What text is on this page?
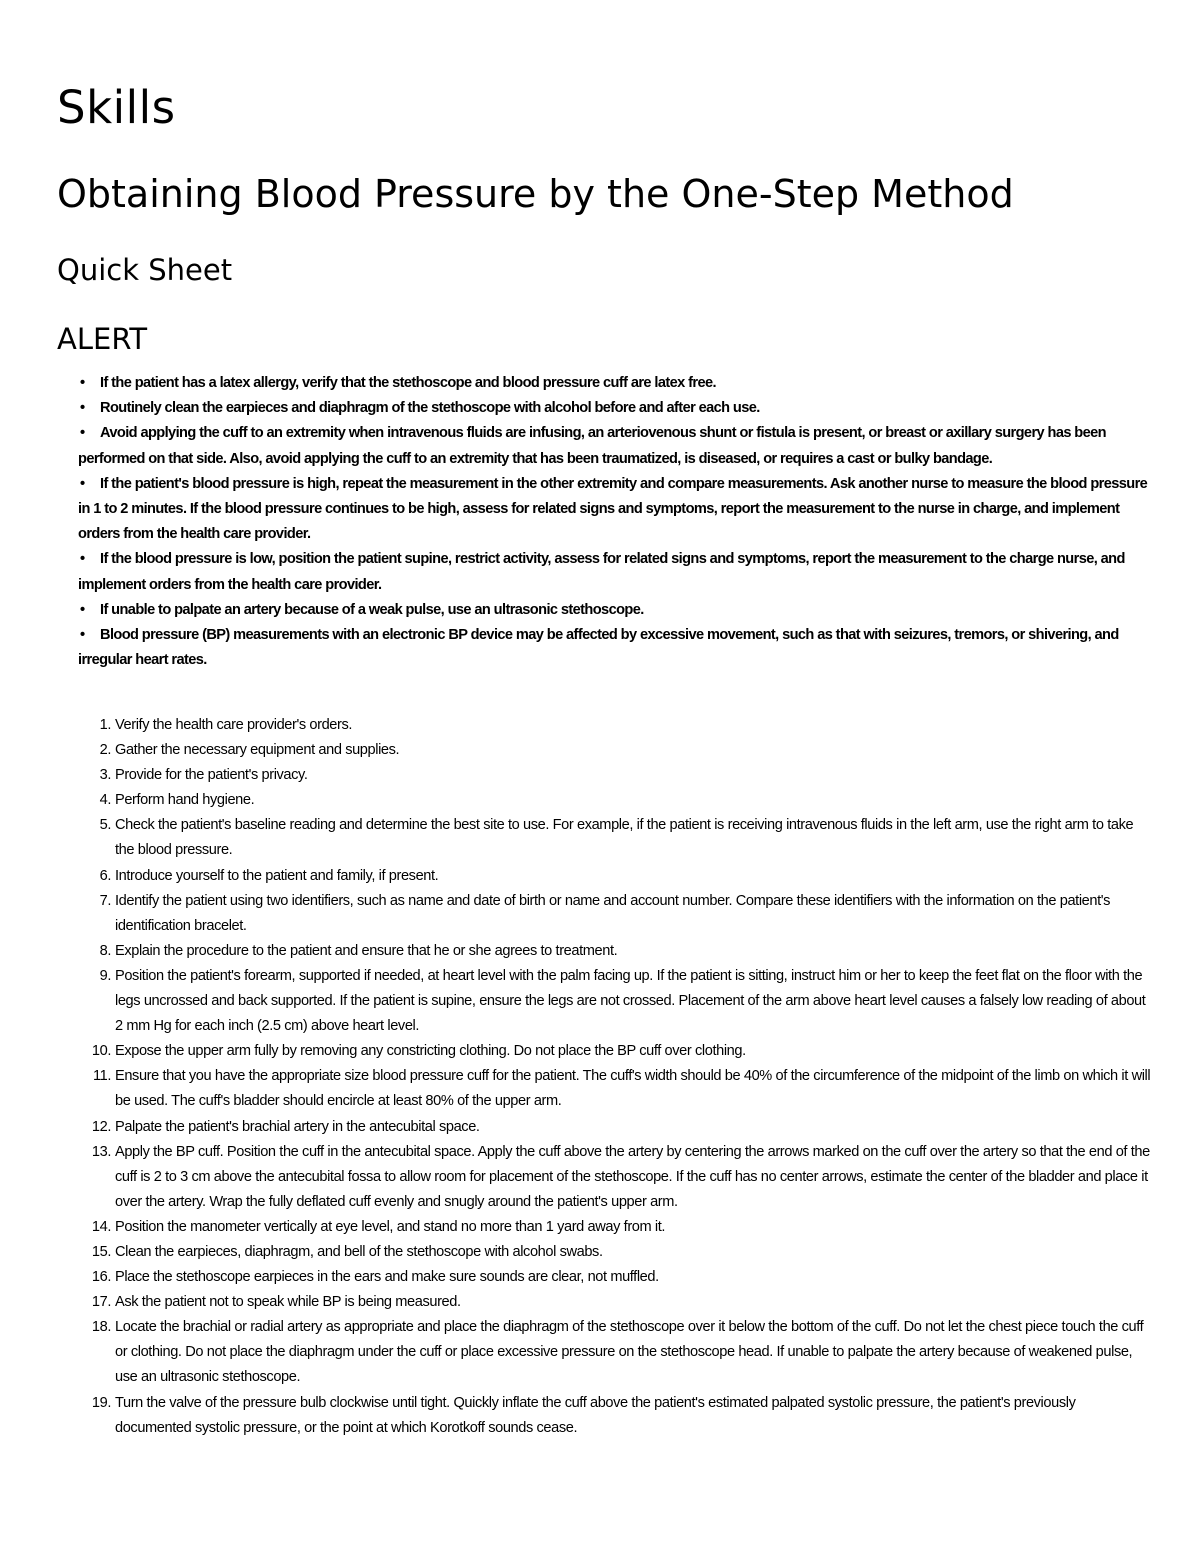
Skills
Obtaining Blood Pressure by the One-Step Method
Quick Sheet
ALERT
• If the patient has a latex allergy, verify that the stethoscope and blood pressure cuff are latex free.
• Routinely clean the earpieces and diaphragm of the stethoscope with alcohol before and after each use.
• Avoid applying the cuff to an extremity when intravenous fluids are infusing, an arteriovenous shunt or fistula is present, or breast or axillary surgery has been performed on that side. Also, avoid applying the cuff to an extremity that has been traumatized, is diseased, or requires a cast or bulky bandage.
• If the patient's blood pressure is high, repeat the measurement in the other extremity and compare measurements. Ask another nurse to measure the blood pressure in 1 to 2 minutes. If the blood pressure continues to be high, assess for related signs and symptoms, report the measurement to the nurse in charge, and implement orders from the health care provider.
• If the blood pressure is low, position the patient supine, restrict activity, assess for related signs and symptoms, report the measurement to the charge nurse, and implement orders from the health care provider.
• If unable to palpate an artery because of a weak pulse, use an ultrasonic stethoscope.
• Blood pressure (BP) measurements with an electronic BP device may be affected by excessive movement, such as that with seizures, tremors, or shivering, and irregular heart rates.
1. Verify the health care provider's orders.
2. Gather the necessary equipment and supplies.
3. Provide for the patient's privacy.
4. Perform hand hygiene.
5. Check the patient's baseline reading and determine the best site to use. For example, if the patient is receiving intravenous fluids in the left arm, use the right arm to take the blood pressure.
6. Introduce yourself to the patient and family, if present.
7. Identify the patient using two identifiers, such as name and date of birth or name and account number. Compare these identifiers with the information on the patient's identification bracelet.
8. Explain the procedure to the patient and ensure that he or she agrees to treatment.
9. Position the patient's forearm, supported if needed, at heart level with the palm facing up. If the patient is sitting, instruct him or her to keep the feet flat on the floor with the legs uncrossed and back supported. If the patient is supine, ensure the legs are not crossed. Placement of the arm above heart level causes a falsely low reading of about 2 mm Hg for each inch (2.5 cm) above heart level.
10. Expose the upper arm fully by removing any constricting clothing. Do not place the BP cuff over clothing.
11. Ensure that you have the appropriate size blood pressure cuff for the patient. The cuff's width should be 40% of the circumference of the midpoint of the limb on which it will be used. The cuff's bladder should encircle at least 80% of the upper arm.
12. Palpate the patient's brachial artery in the antecubital space.
13. Apply the BP cuff. Position the cuff in the antecubital space. Apply the cuff above the artery by centering the arrows marked on the cuff over the artery so that the end of the cuff is 2 to 3 cm above the antecubital fossa to allow room for placement of the stethoscope. If the cuff has no center arrows, estimate the center of the bladder and place it over the artery. Wrap the fully deflated cuff evenly and snugly around the patient's upper arm.
14. Position the manometer vertically at eye level, and stand no more than 1 yard away from it.
15. Clean the earpieces, diaphragm, and bell of the stethoscope with alcohol swabs.
16. Place the stethoscope earpieces in the ears and make sure sounds are clear, not muffled.
17. Ask the patient not to speak while BP is being measured.
18. Locate the brachial or radial artery as appropriate and place the diaphragm of the stethoscope over it below the bottom of the cuff. Do not let the chest piece touch the cuff or clothing. Do not place the diaphragm under the cuff or place excessive pressure on the stethoscope head. If unable to palpate the artery because of weakened pulse, use an ultrasonic stethoscope.
19. Turn the valve of the pressure bulb clockwise until tight. Quickly inflate the cuff above the patient's estimated palpated systolic pressure, the patient's previously documented systolic pressure, or the point at which Korotkoff sounds cease.
